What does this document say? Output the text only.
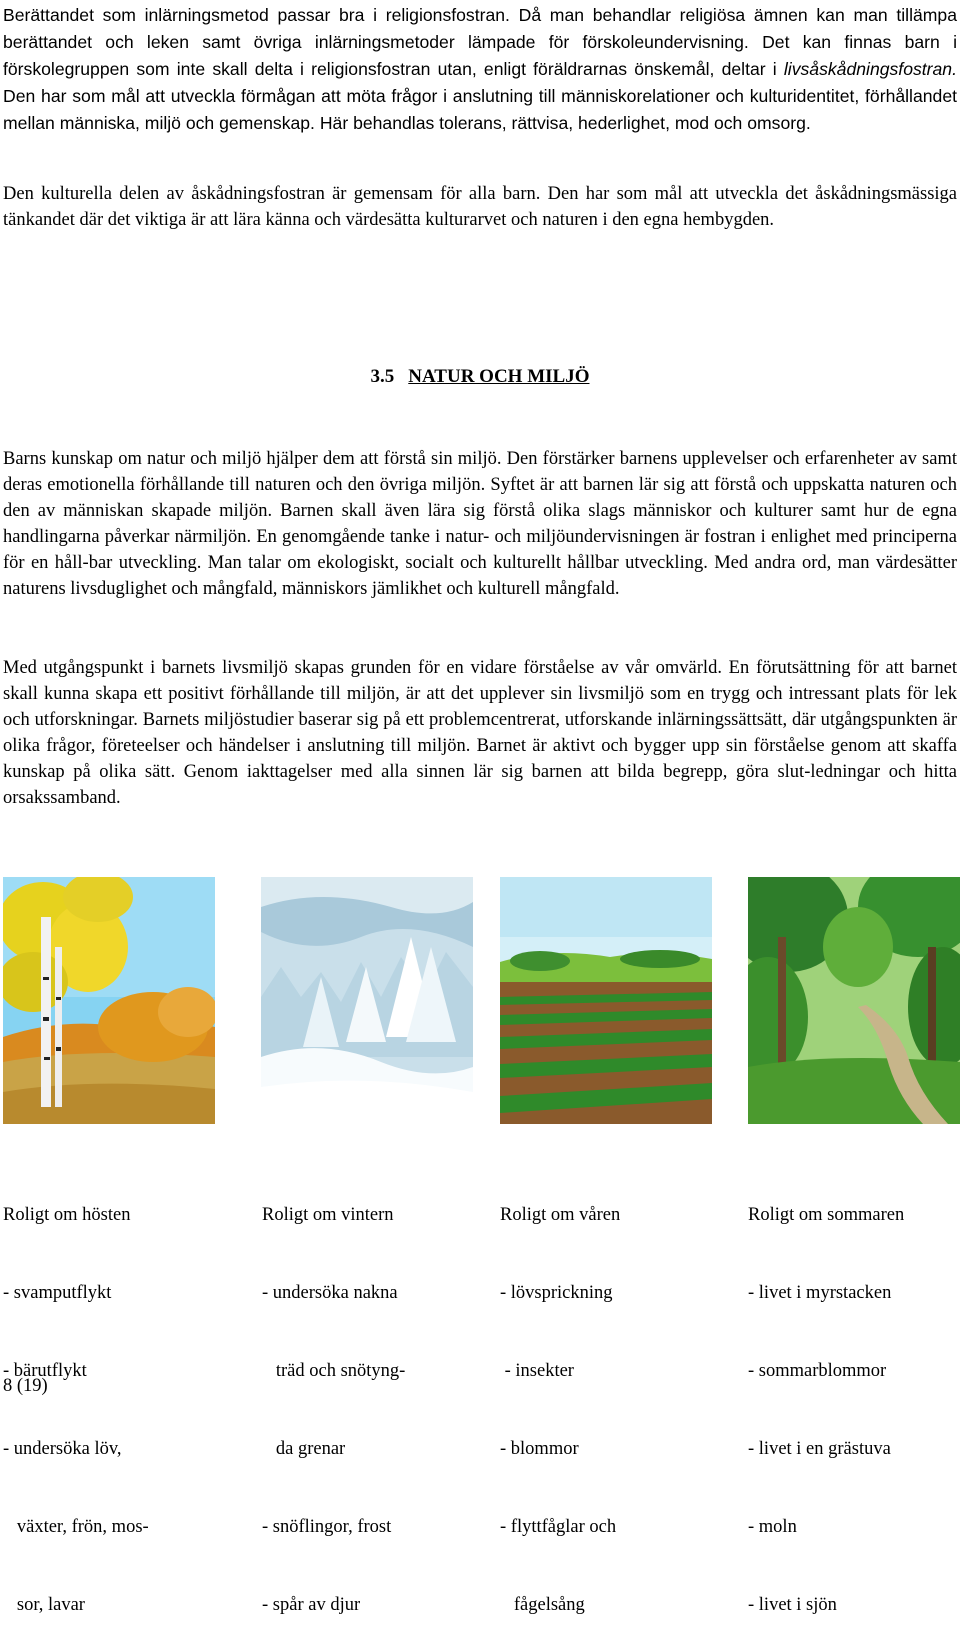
Berättandet som inlärningsmetod passar bra i religionsfostran. Då man behandlar religiösa ämnen kan man tillämpa berättandet och leken samt övriga inlärningsmetoder lämpade för förskoleundervisning. Det kan finnas barn i förskolegruppen som inte skall delta i religionsfostran utan, enligt föräldrarnas önskemål, deltar i livsåskådningsfostran. Den har som mål att utveckla förmågan att möta frågor i anslutning till människorelationer och kulturidentitet, förhållandet mellan människa, miljö och gemenskap. Här behandlas tolerans, rättvisa, hederlighet, mod och omsorg.

Den kulturella delen av åskådningsfostran är gemensam för alla barn. Den har som mål att utveckla det åskådningsmässiga tänkandet där det viktiga är att lära känna och värdesätta kulturarvet och naturen i den egna hembygden.

3.5 NATUR OCH MILJÖ

Barns kunskap om natur och miljö hjälper dem att förstå sin miljö. Den förstärker barnens upplevelser och erfarenheter av samt deras emotionella förhållande till naturen och den övriga miljön. Syftet är att barnen lär sig att förstå och uppskatta naturen och den av människan skapade miljön. Barnen skall även lära sig förstå olika slags människor och kulturer samt hur de egna handlingarna påverkar närmiljön. En genomgående tanke i natur- och miljöundervisningen är fostran i enlighet med principerna för en håll-bar utveckling. Man talar om ekologiskt, socialt och kulturellt hållbar utveckling. Med andra ord, man värdesätter naturens livsduglighet och mångfald, människors jämlikhet och kulturell mångfald.

Med utgångspunkt i barnets livsmiljö skapas grunden för en vidare förståelse av vår omvärld. En förutsättning för att barnet skall kunna skapa ett positivt förhållande till miljön, är att det upplever sin livsmiljö som en trygg och intressant plats för lek och utforskningar. Barnets miljöstudier baserar sig på ett problemcentrerat, utforskande inlärningssättsätt, där utgångspunkten är olika frågor, företeelser och händelser i anslutning till miljön. Barnet är aktivt och bygger upp sin förståelse genom att skaffa kunskap på olika sätt. Genom iakttagelser med alla sinnen lär sig barnen att bilda begrepp, göra slut-ledningar och hitta orsakssamband.

Roligt om hösten

- svamputflykt

- bärutflykt

- undersöka löv,

växter, frön, mos-

sor, lavar

Roligt om vintern

- undersöka nakna

träd och snötyng-

da grenar

- snöflingor, frost

- spår av djur

Roligt om våren

- lövsprickning

- insekter

- blommor

- flyttfåglar och

fågelsång

Roligt om sommaren

- livet i myrstacken

- sommarblommor

- livet i en grästuva

- moln

- livet i sjön

8 (19)
